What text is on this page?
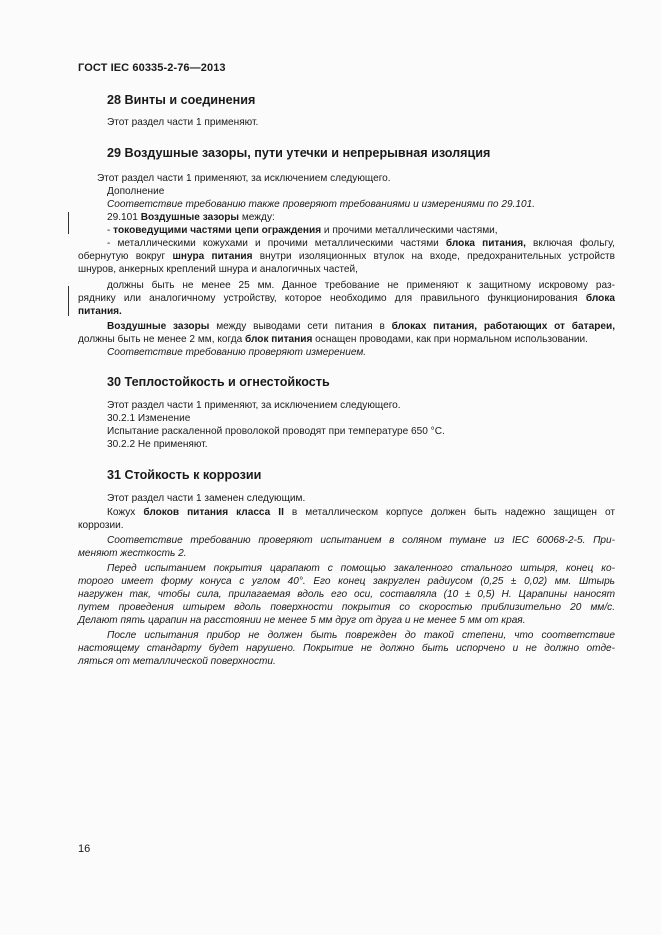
ГОСТ IEC 60335-2-76—2013
28 Винты и соединения
Этот раздел части 1 применяют.
29 Воздушные зазоры, пути утечки и непрерывная изоляция
Этот раздел части 1 применяют, за исключением следующего.
Дополнение
Соответствие требованию также проверяют требованиями и измерениями по 29.101.
29.101 Воздушные зазоры между:
- токоведущими частями цепи ограждения и прочими металлическими частями,
- металлическими кожухами и прочими металлическими частями блока питания, включая фольгу,
обернутую вокруг шнура питания внутри изоляционных втулок на входе, предохранительных устройств
шнуров, анкерных креплений шнура и аналогичных частей,
должны быть не менее 25 мм. Данное требование не применяют к защитному искровому раз-
ряднику или аналогичному устройству, которое необходимо для правильного функционирования блока
питания.
Воздушные зазоры между выводами сети питания в блоках питания, работающих от батареи,
должны быть не менее 2 мм, когда блок питания оснащен проводами, как при нормальном использовании.
Соответствие требованию проверяют измерением.
30 Теплостойкость и огнестойкость
Этот раздел части 1 применяют, за исключением следующего.
30.2.1 Изменение
Испытание раскаленной проволокой проводят при температуре 650 °С.
30.2.2 Не применяют.
31 Стойкость к коррозии
Этот раздел части 1 заменен следующим.
Кожух блоков питания класса II в металлическом корпусе должен быть надежно защищен от
коррозии.
Соответствие требованию проверяют испытанием в соляном тумане из IEC 60068-2-5. При-
меняют жесткость 2.
Перед испытанием покрытия царапают с помощью закаленного стального штыря, конец ко-
торого имеет форму конуса с углом 40°. Его конец закруглен радиусом (0,25 ± 0,02) мм. Штырь
нагружен так, чтобы сила, прилагаемая вдоль его оси, составляла (10 ± 0,5) Н. Царапины наносят
путем проведения штырем вдоль поверхности покрытия со скоростью приблизительно 20 мм/с.
Делают пять царапин на расстоянии не менее 5 мм друг от друга и не менее 5 мм от края.
После испытания прибор не должен быть поврежден до такой степени, что соответствие
настоящему стандарту будет нарушено. Покрытие не должно быть испорчено и не должно отде-
ляться от металлической поверхности.
16
